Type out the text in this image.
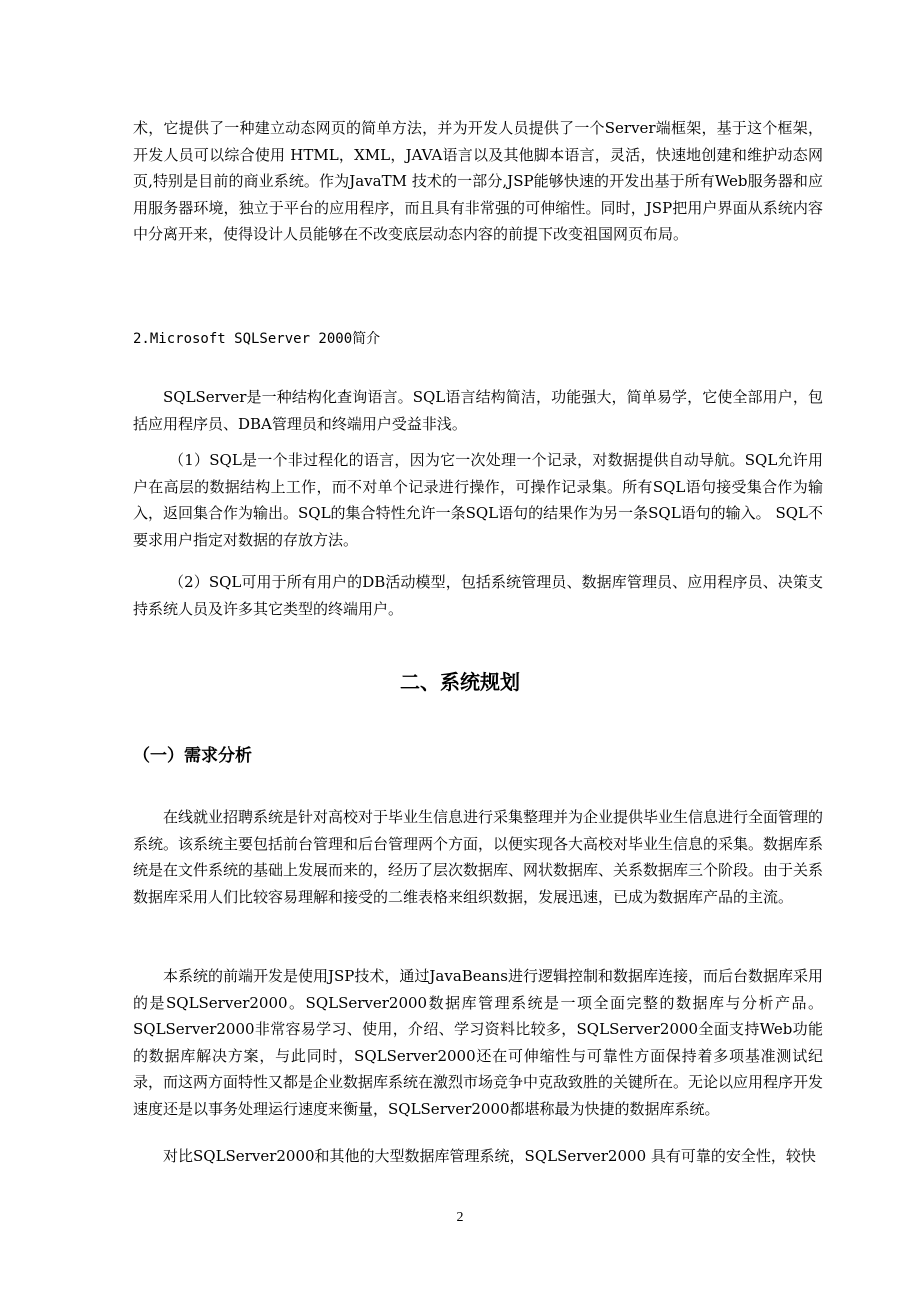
术，它提供了一种建立动态网页的简单方法，并为开发人员提供了一个Server端框架，基于这个框架，开发人员可以综合使用 HTML，XML，JAVA语言以及其他脚本语言，灵活，快速地创建和维护动态网页,特别是目前的商业系统。作为JavaTM 技术的一部分,JSP能够快速的开发出基于所有Web服务器和应用服务器环境，独立于平台的应用程序，而且具有非常强的可伸缩性。同时，JSP把用户界面从系统内容中分离开来，使得设计人员能够在不改变底层动态内容的前提下改变祖国网页布局。

2.Microsoft SQLServer 2000简介

SQLServer是一种结构化查询语言。SQL语言结构简洁，功能强大，简单易学，它使全部用户，包括应用程序员、DBA管理员和终端用户受益非浅。

（1）SQL是一个非过程化的语言，因为它一次处理一个记录，对数据提供自动导航。SQL允许用户在高层的数据结构上工作，而不对单个记录进行操作，可操作记录集。所有SQL语句接受集合作为输入，返回集合作为输出。SQL的集合特性允许一条SQL语句的结果作为另一条SQL语句的输入。 SQL不要求用户指定对数据的存放方法。

（2）SQL可用于所有用户的DB活动模型，包括系统管理员、数据库管理员、应用程序员、决策支持系统人员及许多其它类型的终端用户。

二、系统规划
（一）需求分析

在线就业招聘系统是针对高校对于毕业生信息进行采集整理并为企业提供毕业生信息进行全面管理的系统。该系统主要包括前台管理和后台管理两个方面，以便实现各大高校对毕业生信息的采集。数据库系统是在文件系统的基础上发展而来的，经历了层次数据库、网状数据库、关系数据库三个阶段。由于关系数据库采用人们比较容易理解和接受的二维表格来组织数据，发展迅速，已成为数据库产品的主流。

本系统的前端开发是使用JSP技术，通过JavaBeans进行逻辑控制和数据库连接，而后台数据库采用的是SQLServer2000。SQLServer2000数据库管理系统是一项全面完整的数据库与分析产品。SQLServer2000非常容易学习、使用，介绍、学习资料比较多，SQLServer2000全面支持Web功能的数据库解决方案，与此同时，SQLServer2000还在可伸缩性与可靠性方面保持着多项基准测试纪录，而这两方面特性又都是企业数据库系统在激烈市场竞争中克敌致胜的关键所在。无论以应用程序开发速度还是以事务处理运行速度来衡量，SQLServer2000都堪称最为快捷的数据库系统。

对比SQLServer2000和其他的大型数据库管理系统，SQLServer2000 具有可靠的安全性，较快

2
